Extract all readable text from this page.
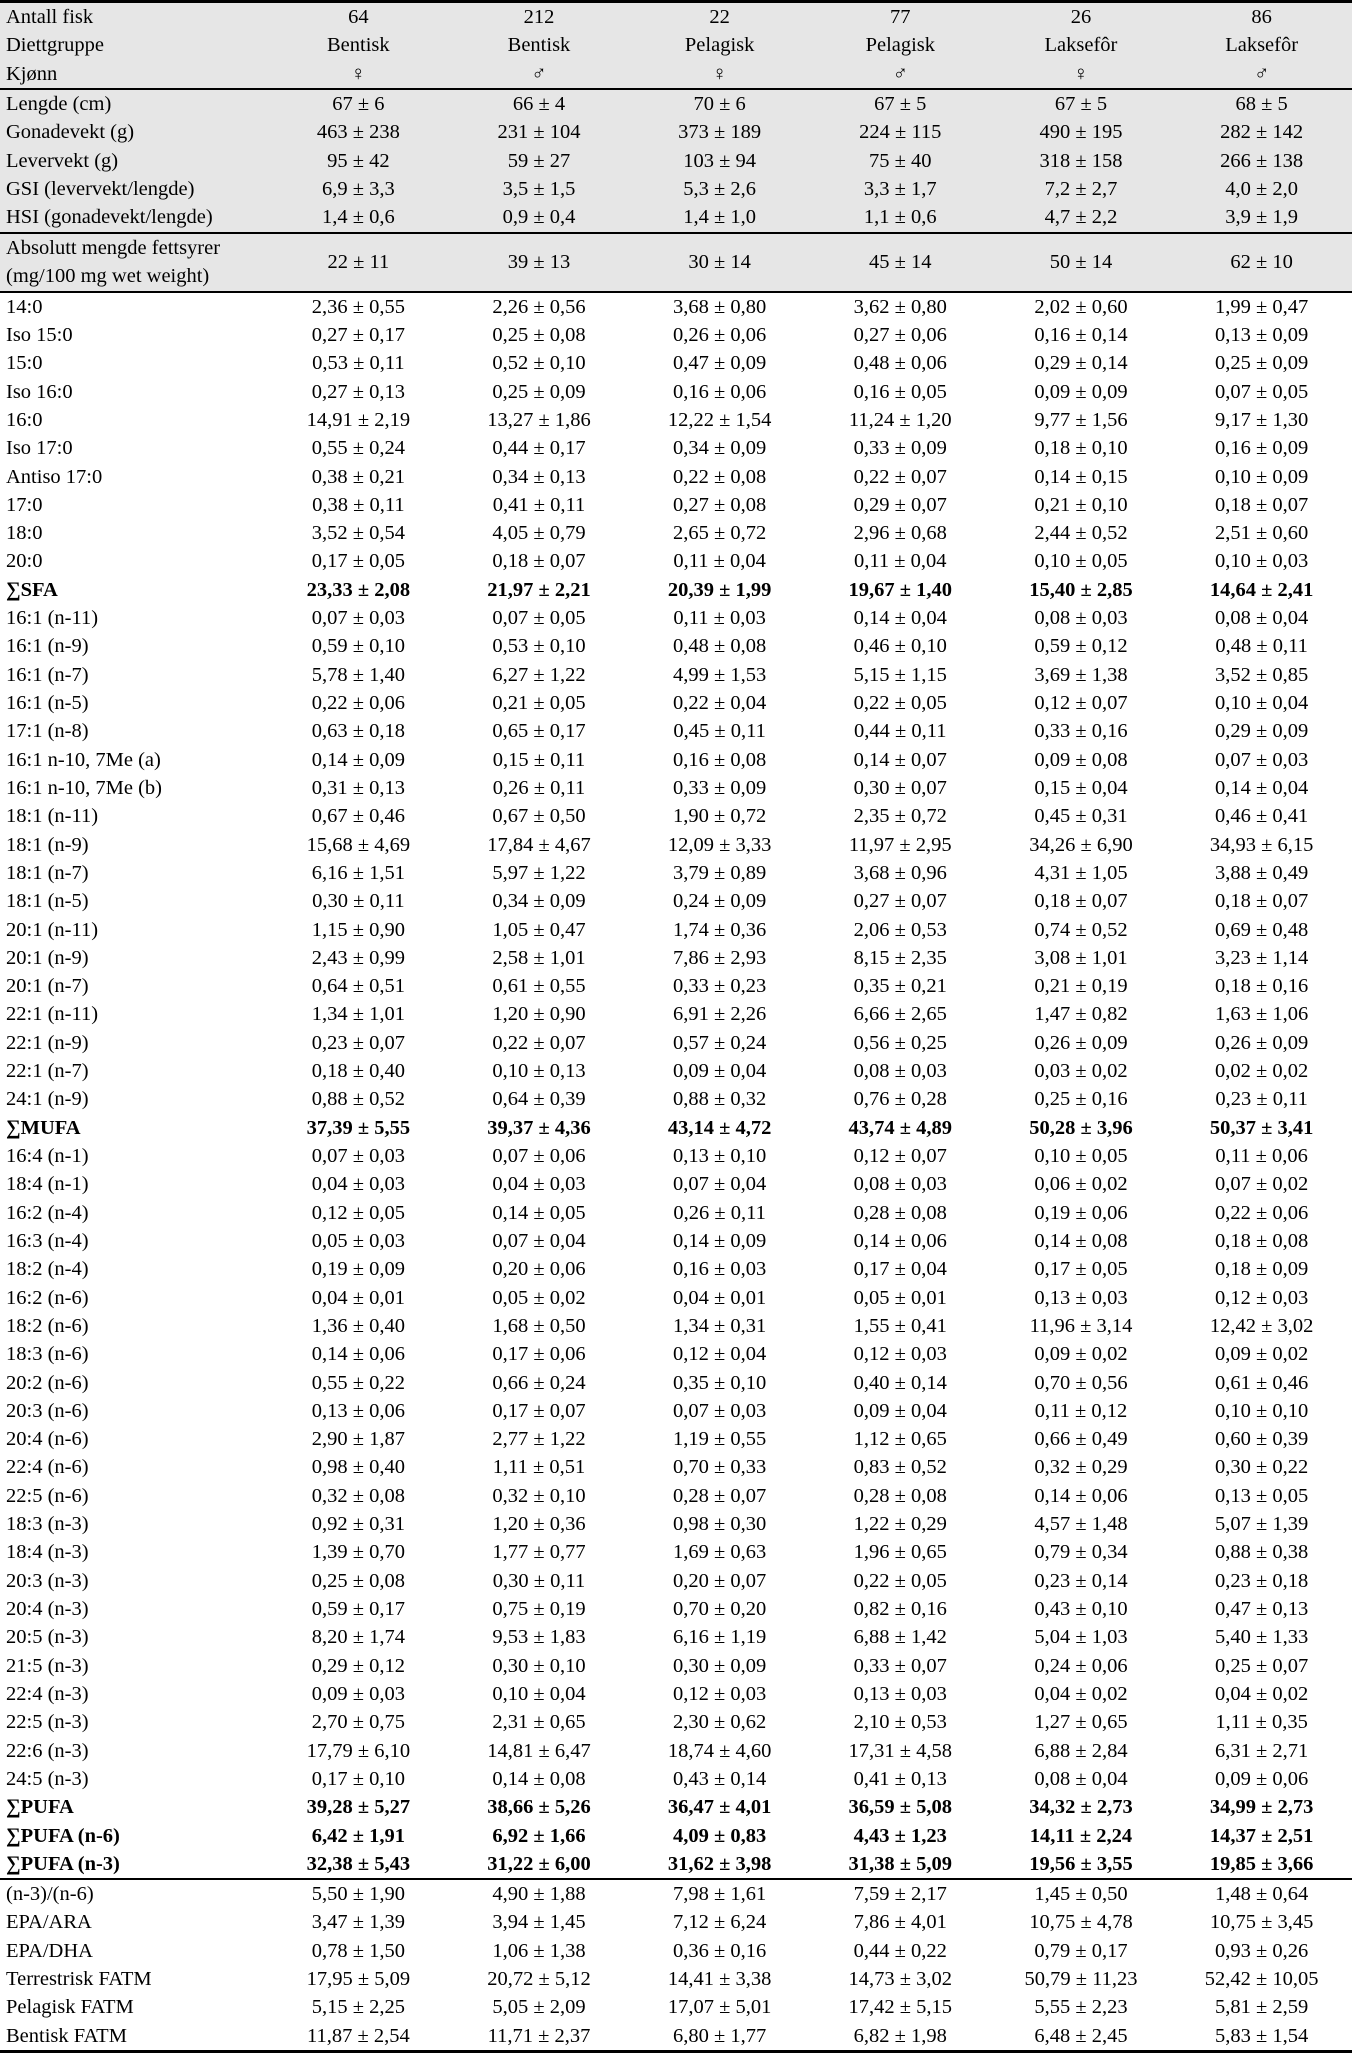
Antall fisk	64	212	22	77	26	86
Diettgruppe	Bentisk	Bentisk	Pelagisk	Pelagisk	Laksefôr	Laksefôr
Kjønn	♀	♂	♀	♂	♀	♂
Lengde (cm)	67 ± 6	66 ± 4	70 ± 6	67 ± 5	67 ± 5	68 ± 5
Gonadevekt (g)	463 ± 238	231 ± 104	373 ± 189	224 ± 115	490 ± 195	282 ± 142
Levervekt (g)	95 ± 42	59 ± 27	103 ± 94	75 ± 40	318 ± 158	266 ± 138
GSI (levervekt/lengde)	6,9 ± 3,3	3,5 ± 1,5	5,3 ± 2,6	3,3 ± 1,7	7,2 ± 2,7	4,0 ± 2,0
HSI (gonadevekt/lengde)	1,4 ± 0,6	0,9 ± 0,4	1,4 ± 1,0	1,1 ± 0,6	4,7 ± 2,2	3,9 ± 1,9
Absolutt mengde fettsyrer
(mg/100 mg wet weight)	22 ± 11	39 ± 13	30 ± 14	45 ± 14	50 ± 14	62 ± 10
14:0	2,36 ± 0,55	2,26 ± 0,56	3,68 ± 0,80	3,62 ± 0,80	2,02 ± 0,60	1,99 ± 0,47
Iso 15:0	0,27 ± 0,17	0,25 ± 0,08	0,26 ± 0,06	0,27 ± 0,06	0,16 ± 0,14	0,13 ± 0,09
15:0	0,53 ± 0,11	0,52 ± 0,10	0,47 ± 0,09	0,48 ± 0,06	0,29 ± 0,14	0,25 ± 0,09
Iso 16:0	0,27 ± 0,13	0,25 ± 0,09	0,16 ± 0,06	0,16 ± 0,05	0,09 ± 0,09	0,07 ± 0,05
16:0	14,91 ± 2,19	13,27 ± 1,86	12,22 ± 1,54	11,24 ± 1,20	9,77 ± 1,56	9,17 ± 1,30
Iso 17:0	0,55 ± 0,24	0,44 ± 0,17	0,34 ± 0,09	0,33 ± 0,09	0,18 ± 0,10	0,16 ± 0,09
Antiso 17:0	0,38 ± 0,21	0,34 ± 0,13	0,22 ± 0,08	0,22 ± 0,07	0,14 ± 0,15	0,10 ± 0,09
17:0	0,38 ± 0,11	0,41 ± 0,11	0,27 ± 0,08	0,29 ± 0,07	0,21 ± 0,10	0,18 ± 0,07
18:0	3,52 ± 0,54	4,05 ± 0,79	2,65 ± 0,72	2,96 ± 0,68	2,44 ± 0,52	2,51 ± 0,60
20:0	0,17 ± 0,05	0,18 ± 0,07	0,11 ± 0,04	0,11 ± 0,04	0,10 ± 0,05	0,10 ± 0,03
∑SFA	23,33 ± 2,08	21,97 ± 2,21	20,39 ± 1,99	19,67 ± 1,40	15,40 ± 2,85	14,64 ± 2,41
16:1 (n-11)	0,07 ± 0,03	0,07 ± 0,05	0,11 ± 0,03	0,14 ± 0,04	0,08 ± 0,03	0,08 ± 0,04
16:1 (n-9)	0,59 ± 0,10	0,53 ± 0,10	0,48 ± 0,08	0,46 ± 0,10	0,59 ± 0,12	0,48 ± 0,11
16:1 (n-7)	5,78 ± 1,40	6,27 ± 1,22	4,99 ± 1,53	5,15 ± 1,15	3,69 ± 1,38	3,52 ± 0,85
16:1 (n-5)	0,22 ± 0,06	0,21 ± 0,05	0,22 ± 0,04	0,22 ± 0,05	0,12 ± 0,07	0,10 ± 0,04
17:1 (n-8)	0,63 ± 0,18	0,65 ± 0,17	0,45 ± 0,11	0,44 ± 0,11	0,33 ± 0,16	0,29 ± 0,09
16:1 n-10, 7Me (a)	0,14 ± 0,09	0,15 ± 0,11	0,16 ± 0,08	0,14 ± 0,07	0,09 ± 0,08	0,07 ± 0,03
16:1 n-10, 7Me (b)	0,31 ± 0,13	0,26 ± 0,11	0,33 ± 0,09	0,30 ± 0,07	0,15 ± 0,04	0,14 ± 0,04
18:1 (n-11)	0,67 ± 0,46	0,67 ± 0,50	1,90 ± 0,72	2,35 ± 0,72	0,45 ± 0,31	0,46 ± 0,41
18:1 (n-9)	15,68 ± 4,69	17,84 ± 4,67	12,09 ± 3,33	11,97 ± 2,95	34,26 ± 6,90	34,93 ± 6,15
18:1 (n-7)	6,16 ± 1,51	5,97 ± 1,22	3,79 ± 0,89	3,68 ± 0,96	4,31 ± 1,05	3,88 ± 0,49
18:1 (n-5)	0,30 ± 0,11	0,34 ± 0,09	0,24 ± 0,09	0,27 ± 0,07	0,18 ± 0,07	0,18 ± 0,07
20:1 (n-11)	1,15 ± 0,90	1,05 ± 0,47	1,74 ± 0,36	2,06 ± 0,53	0,74 ± 0,52	0,69 ± 0,48
20:1 (n-9)	2,43 ± 0,99	2,58 ± 1,01	7,86 ± 2,93	8,15 ± 2,35	3,08 ± 1,01	3,23 ± 1,14
20:1 (n-7)	0,64 ± 0,51	0,61 ± 0,55	0,33 ± 0,23	0,35 ± 0,21	0,21 ± 0,19	0,18 ± 0,16
22:1 (n-11)	1,34 ± 1,01	1,20 ± 0,90	6,91 ± 2,26	6,66 ± 2,65	1,47 ± 0,82	1,63 ± 1,06
22:1 (n-9)	0,23 ± 0,07	0,22 ± 0,07	0,57 ± 0,24	0,56 ± 0,25	0,26 ± 0,09	0,26 ± 0,09
22:1 (n-7)	0,18 ± 0,40	0,10 ± 0,13	0,09 ± 0,04	0,08 ± 0,03	0,03 ± 0,02	0,02 ± 0,02
24:1 (n-9)	0,88 ± 0,52	0,64 ± 0,39	0,88 ± 0,32	0,76 ± 0,28	0,25 ± 0,16	0,23 ± 0,11
∑MUFA	37,39 ± 5,55	39,37 ± 4,36	43,14 ± 4,72	43,74 ± 4,89	50,28 ± 3,96	50,37 ± 3,41
16:4 (n-1)	0,07 ± 0,03	0,07 ± 0,06	0,13 ± 0,10	0,12 ± 0,07	0,10 ± 0,05	0,11 ± 0,06
18:4 (n-1)	0,04 ± 0,03	0,04 ± 0,03	0,07 ± 0,04	0,08 ± 0,03	0,06 ± 0,02	0,07 ± 0,02
16:2 (n-4)	0,12 ± 0,05	0,14 ± 0,05	0,26 ± 0,11	0,28 ± 0,08	0,19 ± 0,06	0,22 ± 0,06
16:3 (n-4)	0,05 ± 0,03	0,07 ± 0,04	0,14 ± 0,09	0,14 ± 0,06	0,14 ± 0,08	0,18 ± 0,08
18:2 (n-4)	0,19 ± 0,09	0,20 ± 0,06	0,16 ± 0,03	0,17 ± 0,04	0,17 ± 0,05	0,18 ± 0,09
16:2 (n-6)	0,04 ± 0,01	0,05 ± 0,02	0,04 ± 0,01	0,05 ± 0,01	0,13 ± 0,03	0,12 ± 0,03
18:2 (n-6)	1,36 ± 0,40	1,68 ± 0,50	1,34 ± 0,31	1,55 ± 0,41	11,96 ± 3,14	12,42 ± 3,02
18:3 (n-6)	0,14 ± 0,06	0,17 ± 0,06	0,12 ± 0,04	0,12 ± 0,03	0,09 ± 0,02	0,09 ± 0,02
20:2 (n-6)	0,55 ± 0,22	0,66 ± 0,24	0,35 ± 0,10	0,40 ± 0,14	0,70 ± 0,56	0,61 ± 0,46
20:3 (n-6)	0,13 ± 0,06	0,17 ± 0,07	0,07 ± 0,03	0,09 ± 0,04	0,11 ± 0,12	0,10 ± 0,10
20:4 (n-6)	2,90 ± 1,87	2,77 ± 1,22	1,19 ± 0,55	1,12 ± 0,65	0,66 ± 0,49	0,60 ± 0,39
22:4 (n-6)	0,98 ± 0,40	1,11 ± 0,51	0,70 ± 0,33	0,83 ± 0,52	0,32 ± 0,29	0,30 ± 0,22
22:5 (n-6)	0,32 ± 0,08	0,32 ± 0,10	0,28 ± 0,07	0,28 ± 0,08	0,14 ± 0,06	0,13 ± 0,05
18:3 (n-3)	0,92 ± 0,31	1,20 ± 0,36	0,98 ± 0,30	1,22 ± 0,29	4,57 ± 1,48	5,07 ± 1,39
18:4 (n-3)	1,39 ± 0,70	1,77 ± 0,77	1,69 ± 0,63	1,96 ± 0,65	0,79 ± 0,34	0,88 ± 0,38
20:3 (n-3)	0,25 ± 0,08	0,30 ± 0,11	0,20 ± 0,07	0,22 ± 0,05	0,23 ± 0,14	0,23 ± 0,18
20:4 (n-3)	0,59 ± 0,17	0,75 ± 0,19	0,70 ± 0,20	0,82 ± 0,16	0,43 ± 0,10	0,47 ± 0,13
20:5 (n-3)	8,20 ± 1,74	9,53 ± 1,83	6,16 ± 1,19	6,88 ± 1,42	5,04 ± 1,03	5,40 ± 1,33
21:5 (n-3)	0,29 ± 0,12	0,30 ± 0,10	0,30 ± 0,09	0,33 ± 0,07	0,24 ± 0,06	0,25 ± 0,07
22:4 (n-3)	0,09 ± 0,03	0,10 ± 0,04	0,12 ± 0,03	0,13 ± 0,03	0,04 ± 0,02	0,04 ± 0,02
22:5 (n-3)	2,70 ± 0,75	2,31 ± 0,65	2,30 ± 0,62	2,10 ± 0,53	1,27 ± 0,65	1,11 ± 0,35
22:6 (n-3)	17,79 ± 6,10	14,81 ± 6,47	18,74 ± 4,60	17,31 ± 4,58	6,88 ± 2,84	6,31 ± 2,71
24:5 (n-3)	0,17 ± 0,10	0,14 ± 0,08	0,43 ± 0,14	0,41 ± 0,13	0,08 ± 0,04	0,09 ± 0,06
∑PUFA	39,28 ± 5,27	38,66 ± 5,26	36,47 ± 4,01	36,59 ± 5,08	34,32 ± 2,73	34,99 ± 2,73
∑PUFA (n-6)	6,42 ± 1,91	6,92 ± 1,66	4,09 ± 0,83	4,43 ± 1,23	14,11 ± 2,24	14,37 ± 2,51
∑PUFA (n-3)	32,38 ± 5,43	31,22 ± 6,00	31,62 ± 3,98	31,38 ± 5,09	19,56 ± 3,55	19,85 ± 3,66
(n-3)/(n-6)	5,50 ± 1,90	4,90 ± 1,88	7,98 ± 1,61	7,59 ± 2,17	1,45 ± 0,50	1,48 ± 0,64
EPA/ARA	3,47 ± 1,39	3,94 ± 1,45	7,12 ± 6,24	7,86 ± 4,01	10,75 ± 4,78	10,75 ± 3,45
EPA/DHA	0,78 ± 1,50	1,06 ± 1,38	0,36 ± 0,16	0,44 ± 0,22	0,79 ± 0,17	0,93 ± 0,26
Terrestrisk FATM	17,95 ± 5,09	20,72 ± 5,12	14,41 ± 3,38	14,73 ± 3,02	50,79 ± 11,23	52,42 ± 10,05
Pelagisk FATM	5,15 ± 2,25	5,05 ± 2,09	17,07 ± 5,01	17,42 ± 5,15	5,55 ± 2,23	5,81 ± 2,59
Bentisk FATM	11,87 ± 2,54	11,71 ± 2,37	6,80 ± 1,77	6,82 ± 1,98	6,48 ± 2,45	5,83 ± 1,54
